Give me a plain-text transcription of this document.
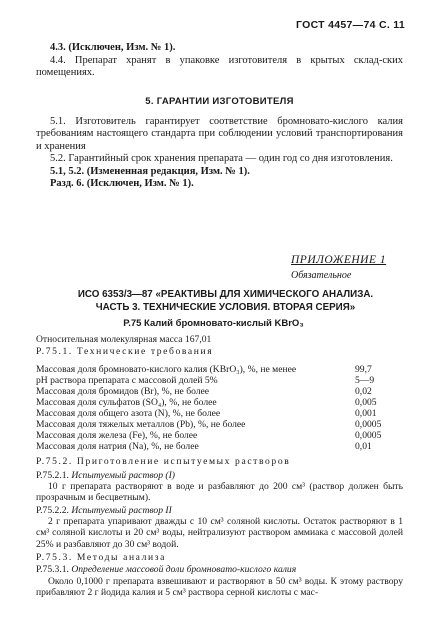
ГОСТ 4457—74 С. 11

4.3. (Исключен, Изм. № 1).

4.4. Препарат хранят в упаковке изготовителя в крытых склад-ских помещениях.

5. ГАРАНТИИ ИЗГОТОВИТЕЛЯ

5.1. Изготовитель гарантирует соответствие бромновато-кислого калия требованиям настоящего стандарта при соблюдении условий транспортирования и хранения

5.2. Гарантийный срок хранения препарата — один год со дня изготовления.

5.1, 5.2. (Измененная редакция, Изм. № 1).

Разд. 6. (Исключен, Изм. № 1).

ПРИЛОЖЕНИЕ 1
Обязательное
ИСО 6353/3—87 «РЕАКТИВЫ ДЛЯ ХИМИЧЕСКОГО АНАЛИЗА.
ЧАСТЬ 3. ТЕХНИЧЕСКИЕ УСЛОВИЯ. ВТОРАЯ СЕРИЯ»
Р.75 Калий бромновато-кислый KBrO₃
Относительная молекулярная масса 167,01
Р.75.1. Технические требования
Массовая доля бромновато-кислого калия (KBrO₃), %, не менее	99,7
pH раствора препарата с массовой долей 5%	5—9
Массовая доля бромидов (Br), %, не более	0,02
Массовая доля сульфатов (SO₄), %, не более	0,005
Массовая доля общего азота (N), %, не более	0,001
Массовая доля тяжелых металлов (Pb), %, не более	0,0005
Массовая доля железа (Fe), %, не более	0,0005
Массовая доля натрия (Na), %, не более	0,01
Р.75.2. Приготовление испытуемых растворов
Р.75.2.1. Испытуемый раствор (I)

10 г препарата растворяют в воде и разбавляют до 200 см³ (раствор должен быть прозрачным и бесцветным).

Р.75.2.2. Испытуемый раствор II

2 г препарата упаривают дважды с 10 см³ соляной кислоты. Остаток растворяют в 1 см³ соляной кислоты и 20 см³ воды, нейтрализуют раствором аммиака с массовой долей 25% и разбавляют до 30 см³ водой.

Р.75.3. Методы анализа
Р.75.3.1. Определение массовой доли бромновато-кислого калия

Около 0,1000 г препарата взвешивают и растворяют в 50 см³ воды. К этому раствору прибавляют 2 г йодида калия и 5 см³ раствора серной кислоты с мас-
